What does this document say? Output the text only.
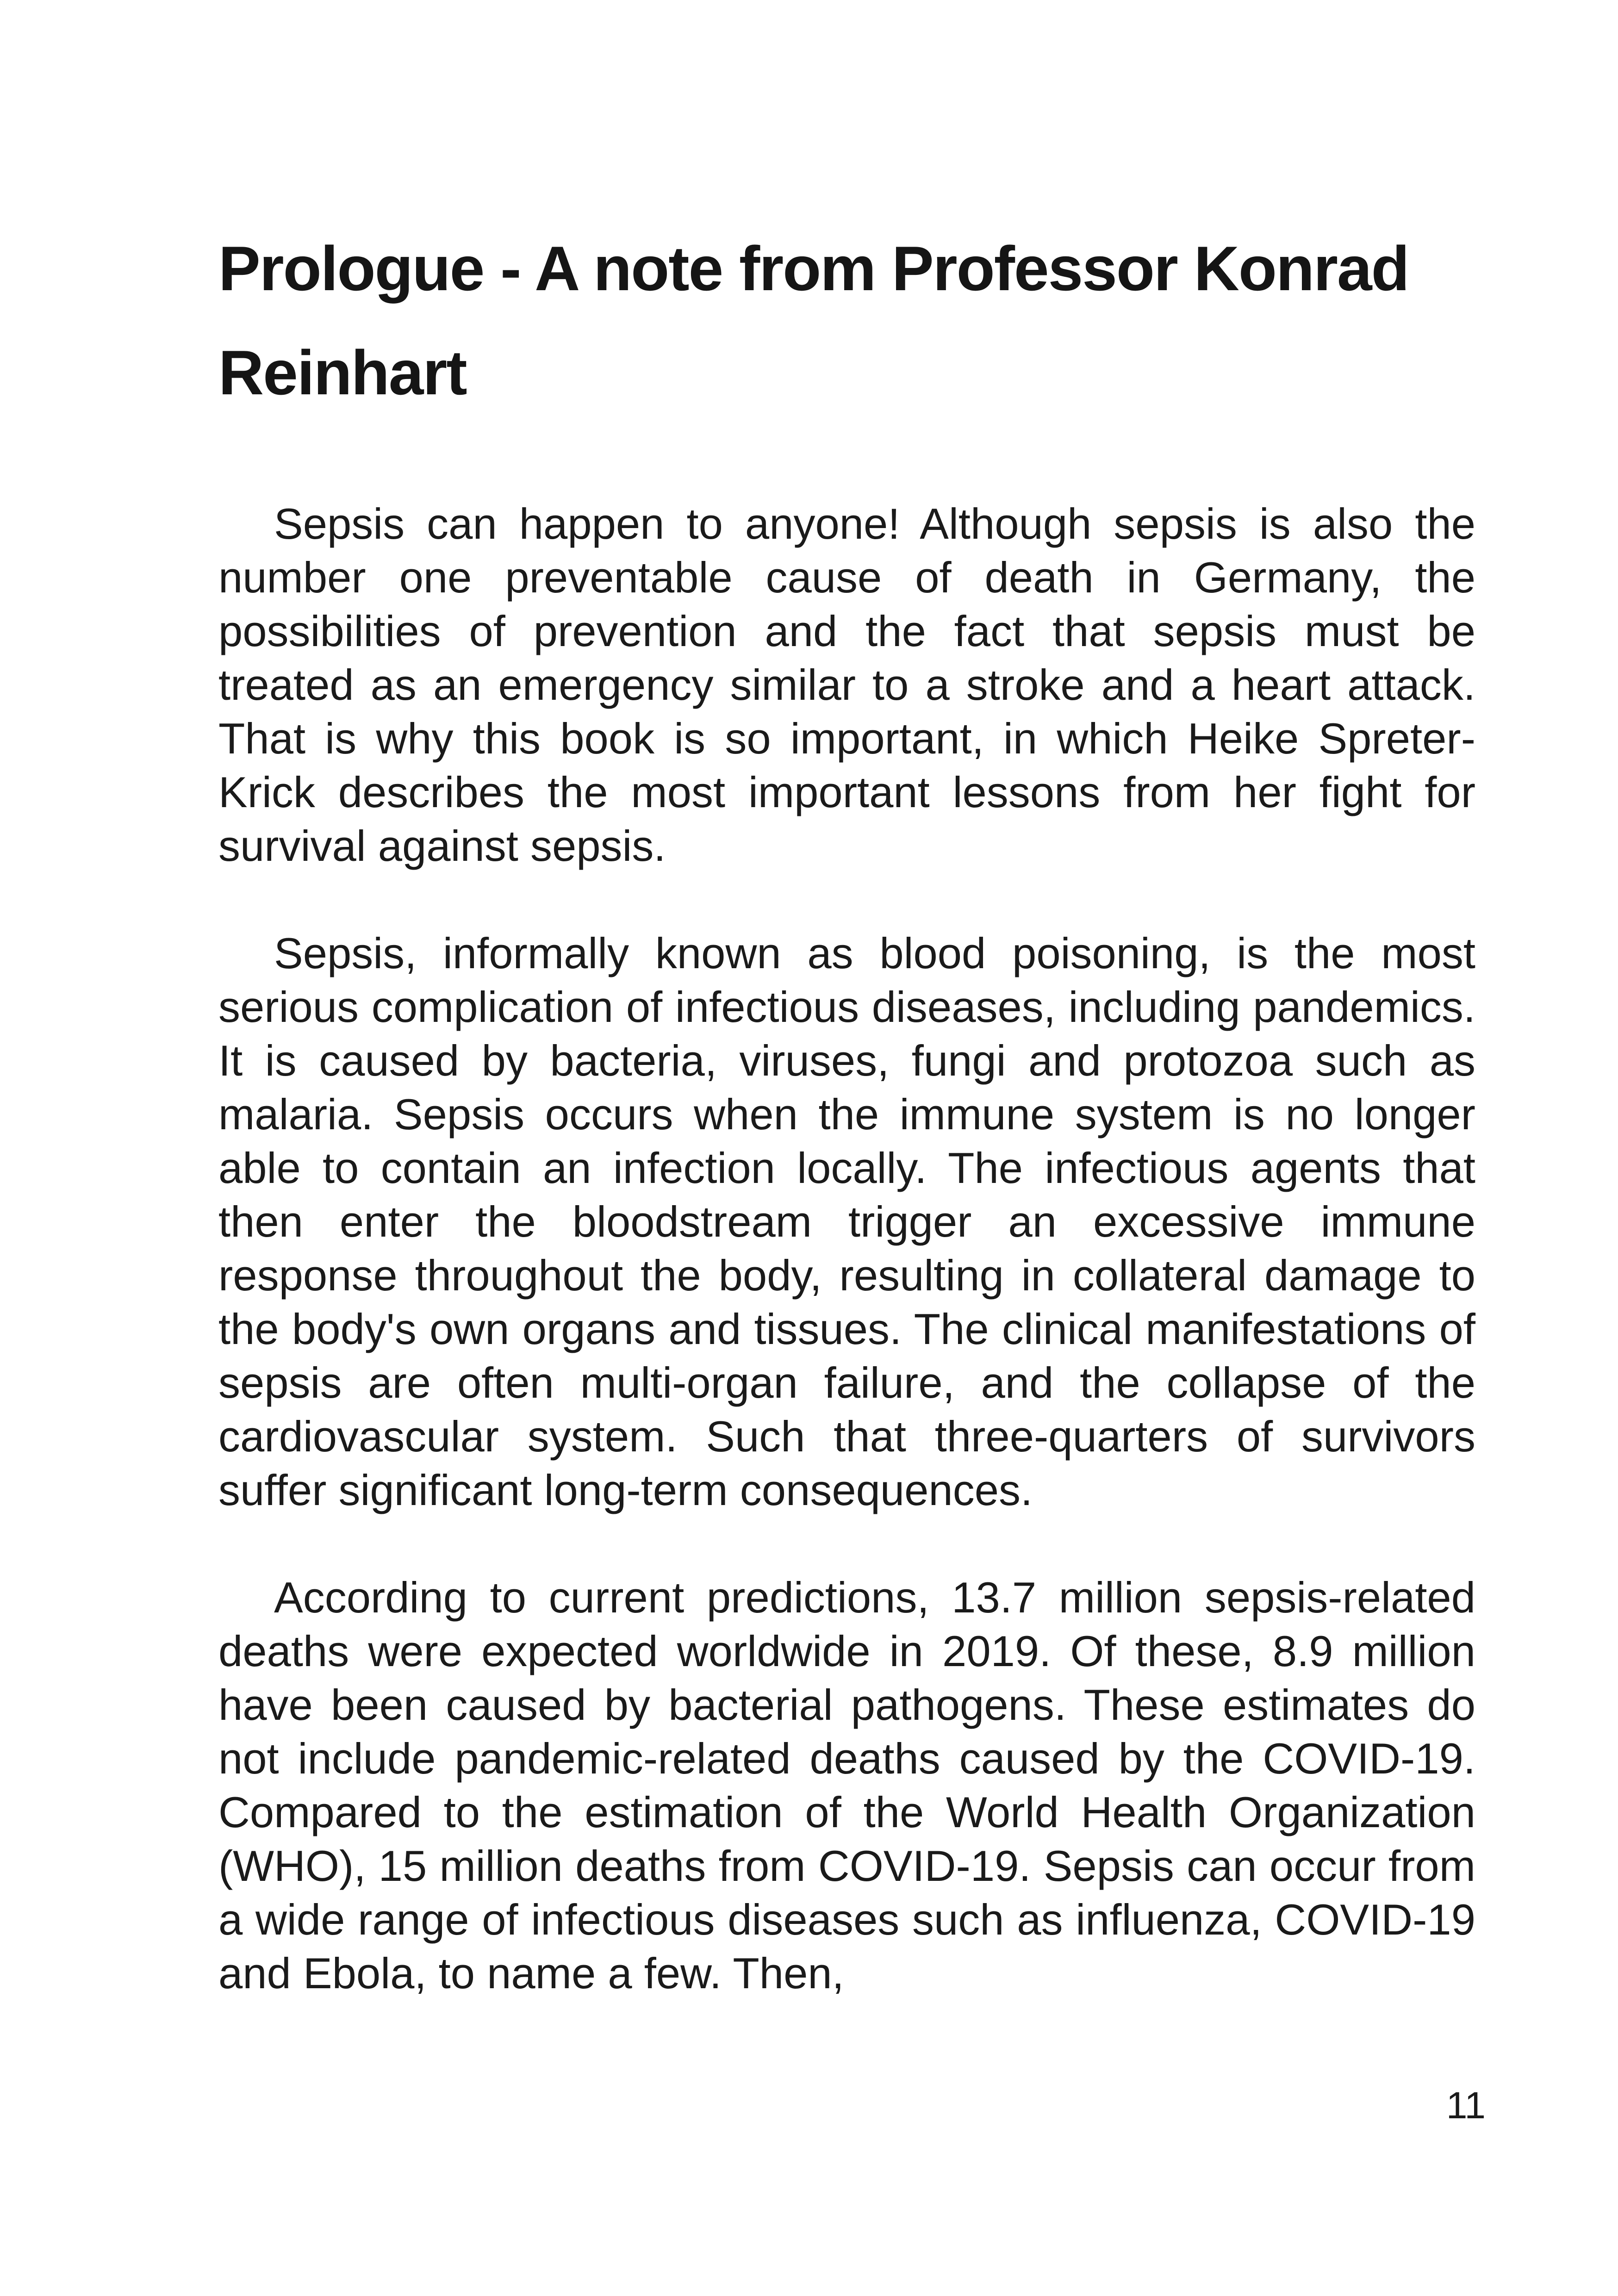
Prologue - A note from Professor Konrad Reinhart

Sepsis can happen to anyone! Although sepsis is also the number one preventable cause of death in Germany, the possibilities of prevention and the fact that sepsis must be treated as an emergency similar to a stroke and a heart attack. That is why this book is so important, in which Heike Spreter-Krick describes the most important lessons from her fight for survival against sepsis.

Sepsis, informally known as blood poisoning, is the most serious complication of infectious diseases, including pandemics. It is caused by bacteria, viruses, fungi and protozoa such as malaria. Sepsis occurs when the immune system is no longer able to contain an infection locally. The infectious agents that then enter the bloodstream trigger an excessive immune response throughout the body, resulting in collateral damage to the body's own organs and tissues. The clinical manifestations of sepsis are often multi-organ failure, and the collapse of the cardiovascular system. Such that three-quarters of survivors suffer significant long-term consequences.

According to current predictions, 13.7 million sepsis-related deaths were expected worldwide in 2019. Of these, 8.9 million have been caused by bacterial pathogens. These estimates do not include pandemic-related deaths caused by the COVID-19. Compared to the estimation of the World Health Organization (WHO), 15 million deaths from COVID-19. Sepsis can occur from a wide range of infectious diseases such as influenza, COVID-19 and Ebola, to name a few. Then,

11
